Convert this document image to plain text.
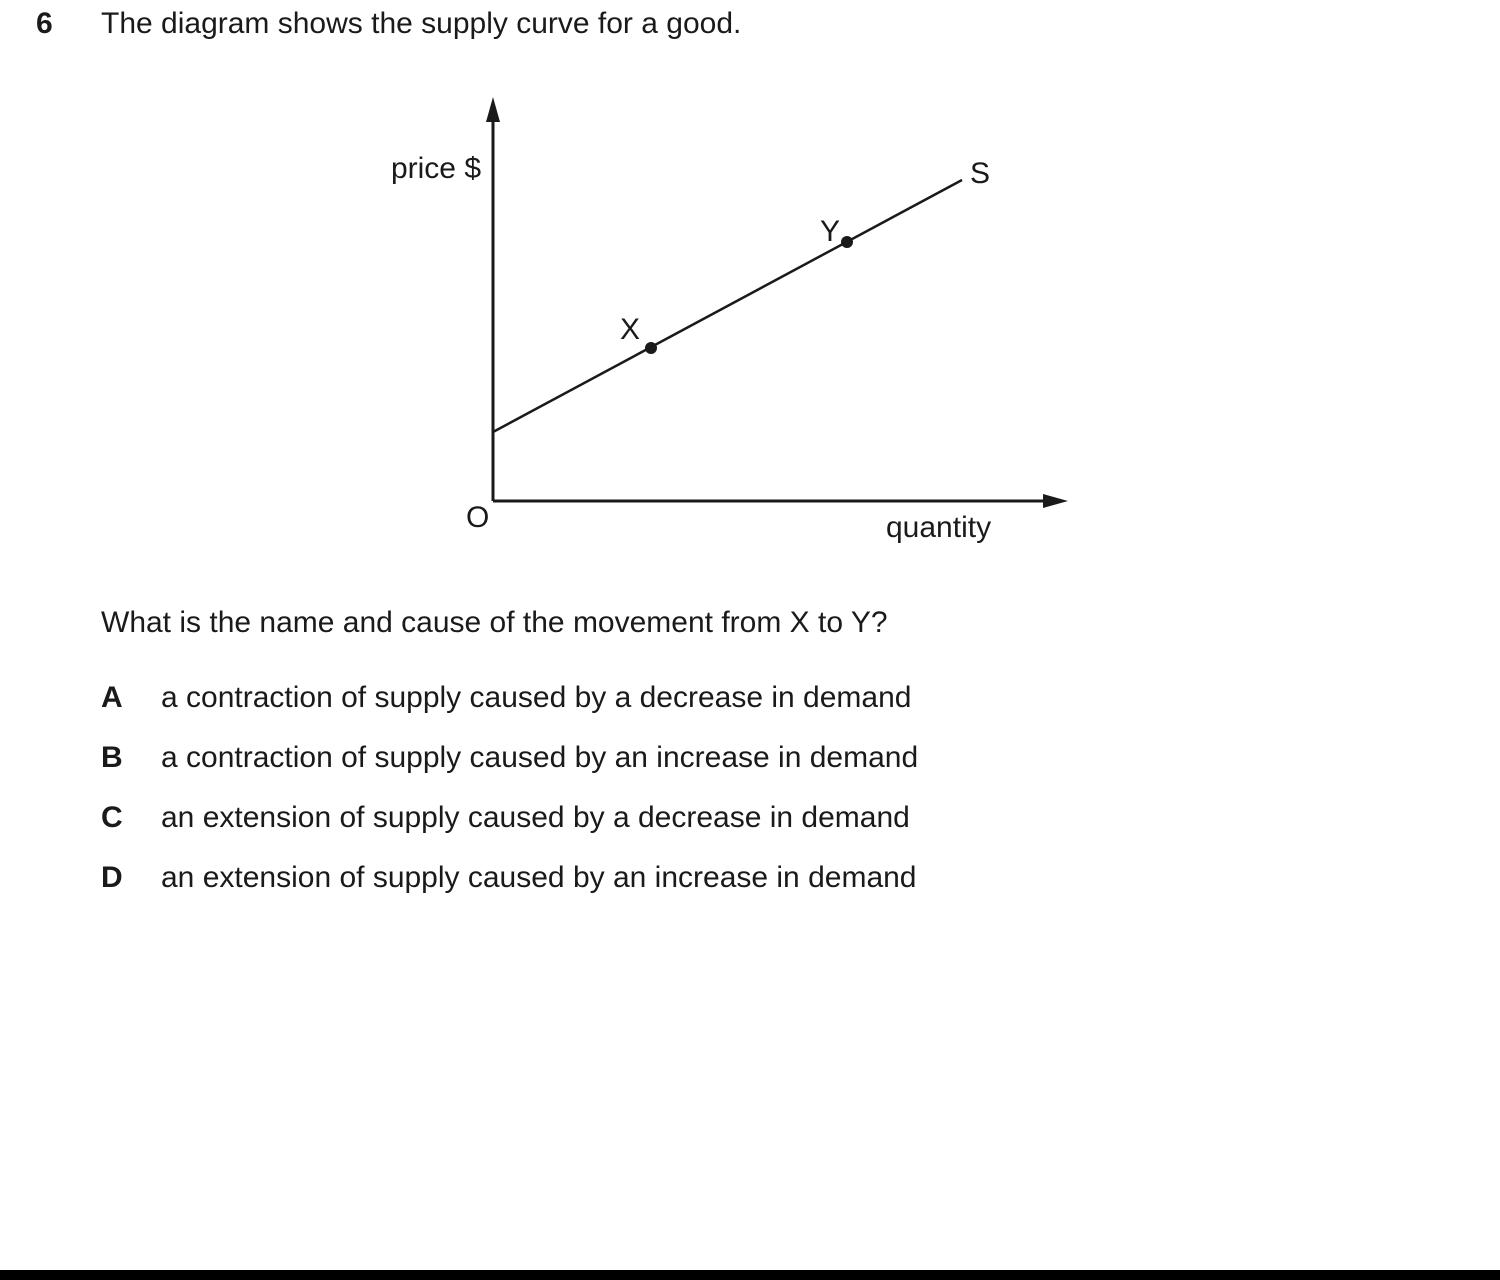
6 The diagram shows the supply curve for a good.
price $
quantity
O
S
X
Y
What is the name and cause of the movement from X to Y?
A	a contraction of supply caused by a decrease in demand
B	a contraction of supply caused by an increase in demand
C	an extension of supply caused by a decrease in demand
D	an extension of supply caused by an increase in demand
